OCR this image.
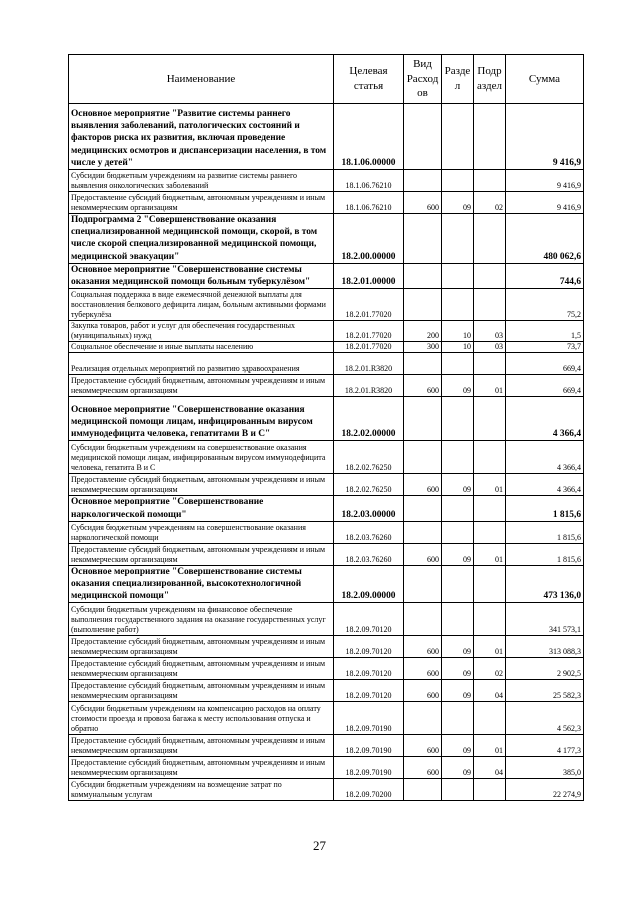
Наименование	Целевая статья	Вид Расход ов	Разде л	Подр аздел	Сумма
Основное мероприятие "Развитие системы раннего выявления заболеваний, патологических состояний и факторов риска их развития, включая проведение медицинских осмотров и диспансеризации населения, в том числе у детей"	18.1.06.00000				9 416,9
Субсидии бюджетным учреждениям на развитие системы раннего выявления онкологических заболеваний	18.1.06.76210				9 416,9
Предоставление субсидий бюджетным, автономным учреждениям и иным некоммерческим организациям	18.1.06.76210	600	09	02	9 416,9
Подпрограмма 2 "Совершенствование оказания специализированной медицинской помощи, скорой, в том числе скорой специализированной медицинской помощи, медицинской эвакуации"	18.2.00.00000				480 062,6
Основное мероприятие "Совершенствование системы оказания медицинской помощи больным туберкулёзом"	18.2.01.00000				744,6
Социальная поддержка в виде ежемесячной денежной выплаты для восстановления белкового дефицита лицам, больным активными формами туберкулёза	18.2.01.77020				75,2
Закупка товаров, работ и услуг для обеспечения государственных (муниципальных) нужд	18.2.01.77020	200	10	03	1,5
Социальное обеспечение и иные выплаты населению	18.2.01.77020	300	10	03	73,7
Реализация отдельных мероприятий по развитию здравоохранения	18.2.01.R3820				669,4
Предоставление субсидий бюджетным, автономным учреждениям и иным некоммерческим организациям	18.2.01.R3820	600	09	01	669,4
Основное мероприятие "Совершенствование оказания медицинской помощи лицам, инфицированным вирусом иммунодефицита человека, гепатитами В и С"	18.2.02.00000				4 366,4
Субсидии бюджетным учреждениям на совершенствование оказания медицинской помощи лицам, инфицированным вирусом иммунодефицита человека, гепатита В и С	18.2.02.76250				4 366,4
Предоставление субсидий бюджетным, автономным учреждениям и иным некоммерческим организациям	18.2.02.76250	600	09	01	4 366,4
Основное мероприятие "Совершенствование наркологической помощи"	18.2.03.00000				1 815,6
Субсидия бюджетным учреждениям на совершенствование оказания наркологической помощи	18.2.03.76260				1 815,6
Предоставление субсидий бюджетным, автономным учреждениям и иным некоммерческим организациям	18.2.03.76260	600	09	01	1 815,6
Основное мероприятие "Совершенствование системы оказания специализированной, высокотехнологичной медицинской помощи"	18.2.09.00000				473 136,0
Субсидии бюджетным учреждениям на финансовое обеспечение выполнения государственного задания на оказание государственных услуг (выполнение работ)	18.2.09.70120				341 573,1
Предоставление субсидий бюджетным, автономным учреждениям и иным некоммерческим организациям	18.2.09.70120	600	09	01	313 088,3
Предоставление субсидий бюджетным, автономным учреждениям и иным некоммерческим организациям	18.2.09.70120	600	09	02	2 902,5
Предоставление субсидий бюджетным, автономным учреждениям и иным некоммерческим организациям	18.2.09.70120	600	09	04	25 582,3
Субсидии бюджетным учреждениям на компенсацию расходов на оплату стоимости проезда и провоза багажа к месту использования отпуска и обратно	18.2.09.70190				4 562,3
Предоставление субсидий бюджетным, автономным учреждениям и иным некоммерческим организациям	18.2.09.70190	600	09	01	4 177,3
Предоставление субсидий бюджетным, автономным учреждениям и иным некоммерческим организациям	18.2.09.70190	600	09	04	385,0
Субсидии бюджетным учреждениям на возмещение затрат по коммунальным услугам	18.2.09.70200				22 274,9
27
